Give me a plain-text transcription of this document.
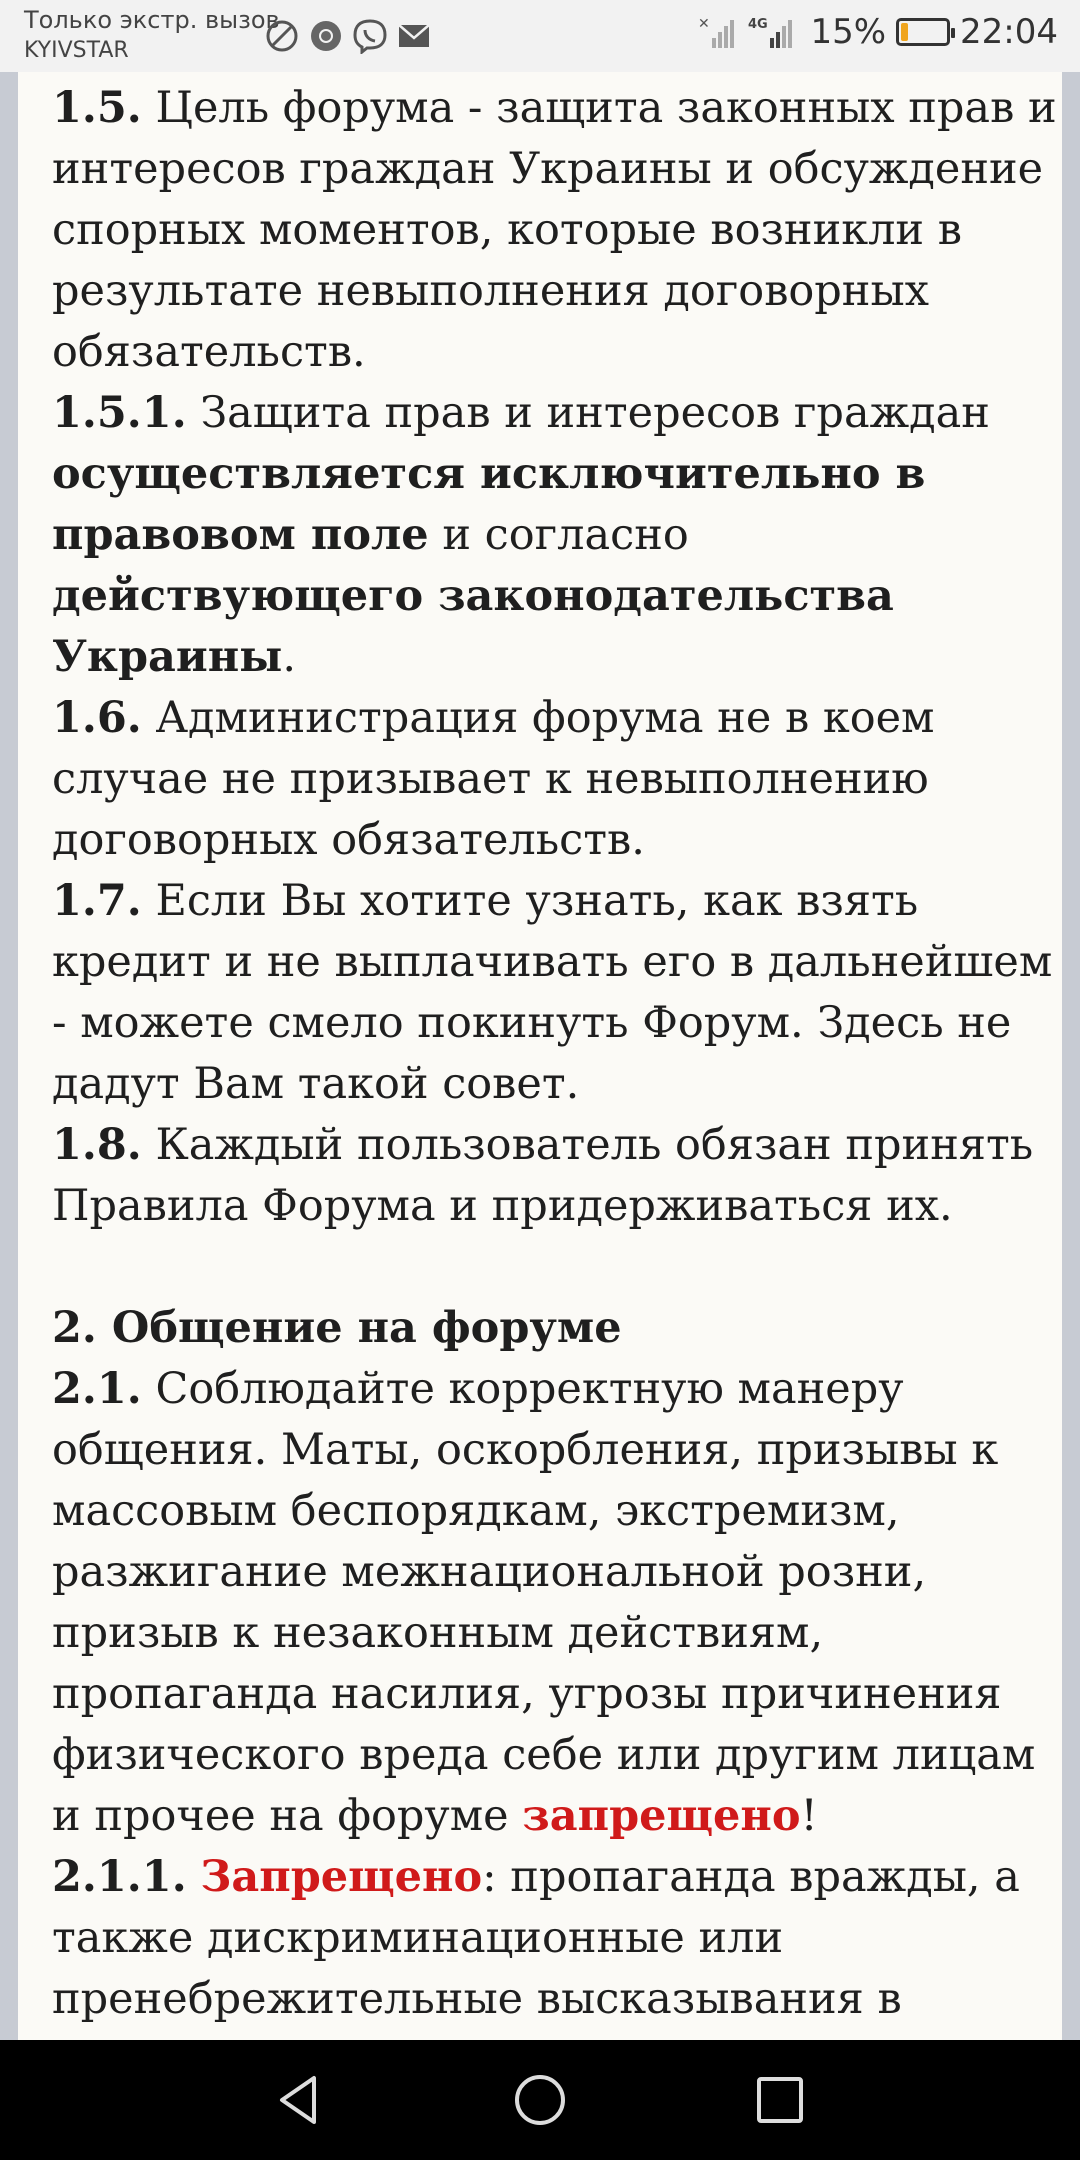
Только экстр. вызов
KYIVSTAR
✕	4G 15% 22:04

1.5. Цель форума - защита законных прав и интересов граждан Украины и обсуждение спорных моментов, которые возникли в результате невыполнения договорных обязательств.

1.5.1. Защита прав и интересов граждан осуществляется исключительно в правовом поле и согласно действующего законодательства Украины.

1.6. Администрация форума не в коем случае не призывает к невыполнению договорных обязательств.

1.7. Если Вы хотите узнать, как взять кредит и не выплачивать его в дальнейшем - можете смело покинуть Форум. Здесь не дадут Вам такой совет.

1.8. Каждый пользователь обязан принять Правила Форума и придерживаться их.

2. Общение на форуме

2.1. Соблюдайте корректную манеру общения. Маты, оскорбления, призывы к массовым беспорядкам, экстремизм, разжигание межнациональной розни, призыв к незаконным действиям, пропаганда насилия, угрозы причинения физического вреда себе или другим лицам и прочее на форуме запрещено!

2.1.1. Запрещено: пропаганда вражды, а также дискриминационные или пренебрежительные высказывания в
